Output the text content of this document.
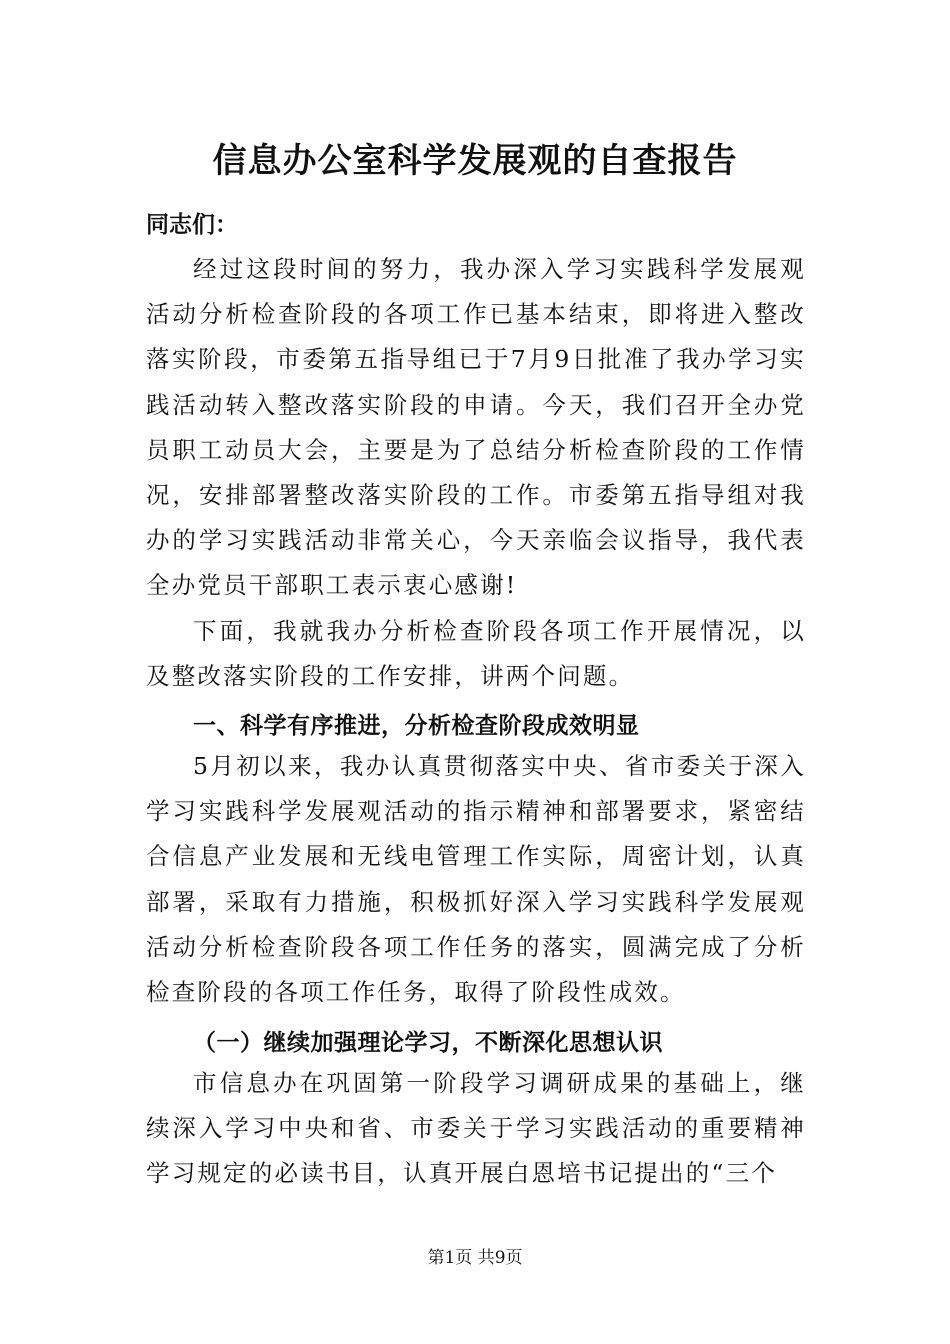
信息办公室科学发展观的自查报告
同志们：

经过这段时间的努力，我办深入学习实践科学发展观活动分析检查阶段的各项工作已基本结束，即将进入整改落实阶段，市委第五指导组已于7月9日批准了我办学习实践活动转入整改落实阶段的申请。今天，我们召开全办党员职工动员大会，主要是为了总结分析检查阶段的工作情况，安排部署整改落实阶段的工作。市委第五指导组对我办的学习实践活动非常关心，今天亲临会议指导，我代表全办党员干部职工表示衷心感谢!

下面，我就我办分析检查阶段各项工作开展情况，以及整改落实阶段的工作安排，讲两个问题。

一、科学有序推进，分析检查阶段成效明显

5月初以来，我办认真贯彻落实中央、省市委关于深入学习实践科学发展观活动的指示精神和部署要求，紧密结合信息产业发展和无线电管理工作实际，周密计划，认真部署，采取有力措施，积极抓好深入学习实践科学发展观活动分析检查阶段各项工作任务的落实，圆满完成了分析检查阶段的各项工作任务，取得了阶段性成效。

（一）继续加强理论学习，不断深化思想认识

市信息办在巩固第一阶段学习调研成果的基础上，继续深入学习中央和省、市委关于学习实践活动的重要精神学习规定的必读书目，认真开展白恩培书记提出的“三个

第1页 共9页
